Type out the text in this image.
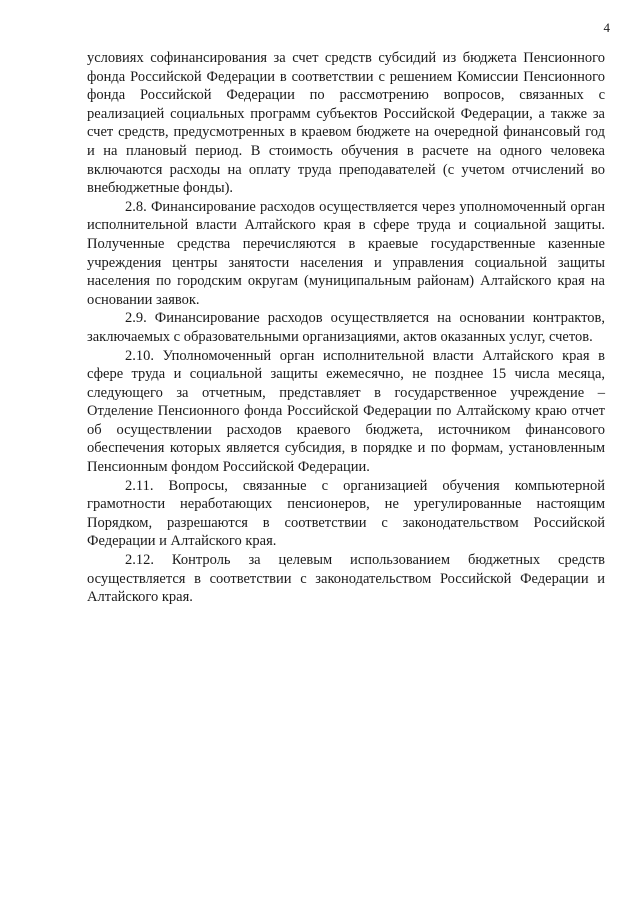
4

условиях софинансирования за счет средств субсидий из бюджета Пенсионного фонда Российской Федерации в соответствии с решением Комиссии Пенсионного фонда Российской Федерации по рассмотрению вопросов, связанных с реализацией социальных программ субъектов Российской Федерации, а также за счет средств, предусмотренных в краевом бюджете на очередной финансовый год и на плановый период. В стоимость обучения в расчете на одного человека включаются расходы на оплату труда преподавателей (с учетом отчислений во внебюджетные фонды).

2.8. Финансирование расходов осуществляется через уполномоченный орган исполнительной власти Алтайского края в сфере труда и социальной защиты. Полученные средства перечисляются в краевые государственные казенные учреждения центры занятости населения и управления социальной защиты населения по городским округам (муниципальным районам) Алтайского края на основании заявок.

2.9. Финансирование расходов осуществляется на основании контрактов, заключаемых с образовательными организациями, актов оказанных услуг, счетов.

2.10. Уполномоченный орган исполнительной власти Алтайского края в сфере труда и социальной защиты ежемесячно, не позднее 15 числа месяца, следующего за отчетным, представляет в государственное учреждение – Отделение Пенсионного фонда Российской Федерации по Алтайскому краю отчет об осуществлении расходов краевого бюджета, источником финансового обеспечения которых является субсидия, в порядке и по формам, установленным Пенсионным фондом Российской Федерации.

2.11. Вопросы, связанные с организацией обучения компьютерной грамотности неработающих пенсионеров, не урегулированные настоящим Порядком, разрешаются в соответствии с законодательством Российской Федерации и Алтайского края.

2.12. Контроль за целевым использованием бюджетных средств осуществляется в соответствии с законодательством Российской Федерации и Алтайского края.
